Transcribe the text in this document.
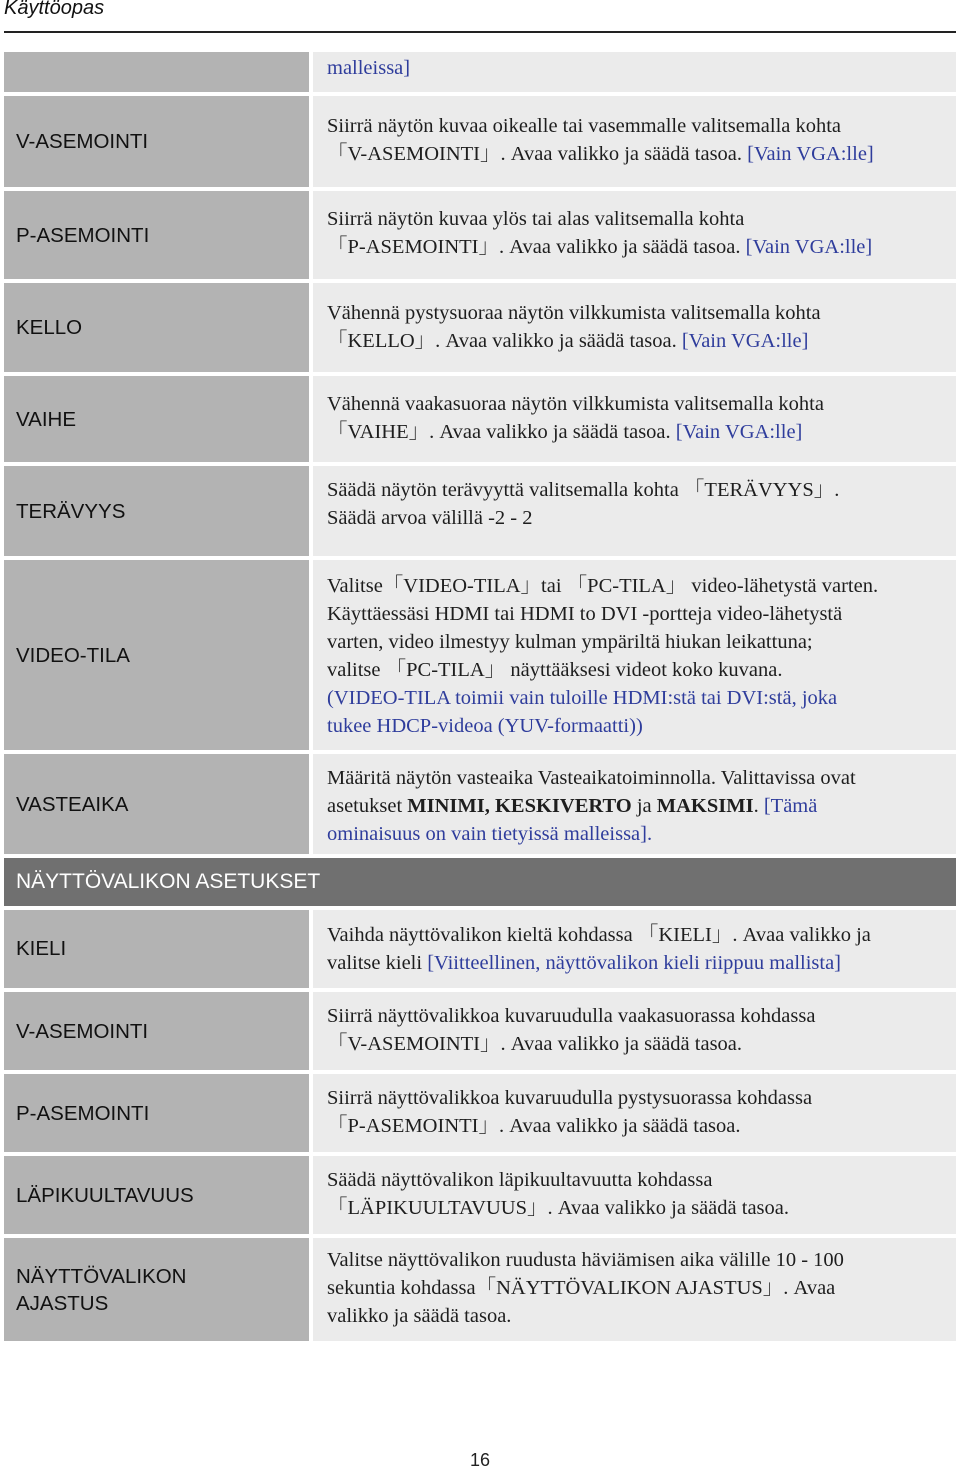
Käyttöopas
malleissa]
V-ASEMOINTI
Siirrä näytön kuvaa oikealle tai vasemmalle valitsemalla kohta
「V-ASEMOINTI」. Avaa valikko ja säädä tasoa. [Vain VGA:lle]
P-ASEMOINTI
Siirrä näytön kuvaa ylös tai alas valitsemalla kohta
「P-ASEMOINTI」. Avaa valikko ja säädä tasoa. [Vain VGA:lle]
KELLO
Vähennä pystysuoraa näytön vilkkumista valitsemalla kohta
「KELLO」. Avaa valikko ja säädä tasoa. [Vain VGA:lle]
VAIHE
Vähennä vaakasuoraa näytön vilkkumista valitsemalla kohta
「VAIHE」. Avaa valikko ja säädä tasoa. [Vain VGA:lle]
TERÄVYYS
Säädä näytön terävyyttä valitsemalla kohta 「TERÄVYYS」.
Säädä arvoa välillä -2 - 2
VIDEO-TILA
Valitse「VIDEO-TILA」tai 「PC-TILA」 video-lähetystä varten.
Käyttäessäsi HDMI tai HDMI to DVI -portteja video-lähetystä
varten, video ilmestyy kulman ympäriltä hiukan leikattuna;
valitse 「PC-TILA」 näyttääksesi videot koko kuvana.
(VIDEO-TILA toimii vain tuloille HDMI:stä tai DVI:stä, joka
tukee HDCP-videoa (YUV-formaatti))
VASTEAIKA
Määritä näytön vasteaika Vasteaikatoiminnolla. Valittavissa ovat
asetukset MINIMI, KESKIVERTO ja MAKSIMI. [Tämä
ominaisuus on vain tietyissä malleissa].
NÄYTTÖVALIKON ASETUKSET
KIELI
Vaihda näyttövalikon kieltä kohdassa 「KIELI」. Avaa valikko ja
valitse kieli [Viitteellinen, näyttövalikon kieli riippuu mallista]
V-ASEMOINTI
Siirrä näyttövalikkoa kuvaruudulla vaakasuorassa kohdassa
「V-ASEMOINTI」. Avaa valikko ja säädä tasoa.
P-ASEMOINTI
Siirrä näyttövalikkoa kuvaruudulla pystysuorassa kohdassa
「P-ASEMOINTI」. Avaa valikko ja säädä tasoa.
LÄPIKUULTAVUUS
Säädä näyttövalikon läpikuultavuutta kohdassa
「LÄPIKUULTAVUUS」. Avaa valikko ja säädä tasoa.
NÄYTTÖVALIKON
AJASTUS
Valitse näyttövalikon ruudusta häviämisen aika välille 10 - 100
sekuntia kohdassa「NÄYTTÖVALIKON AJASTUS」. Avaa
valikko ja säädä tasoa.
16
